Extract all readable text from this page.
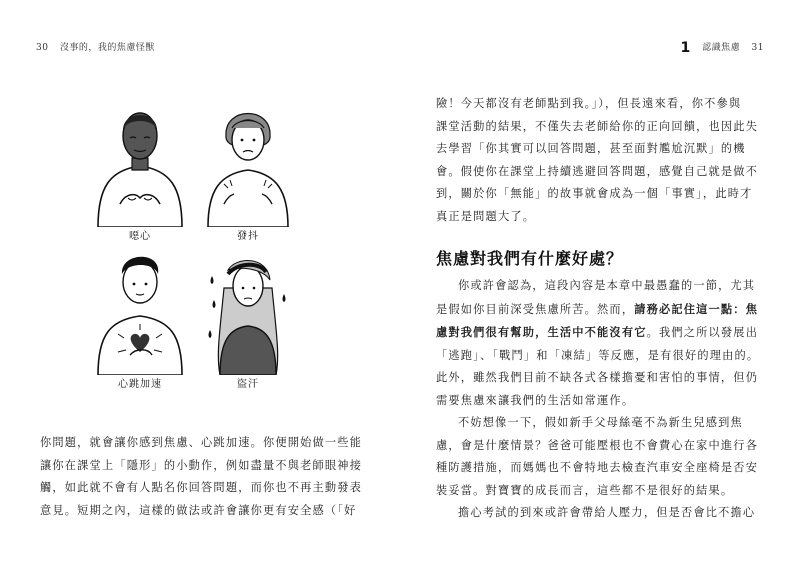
30 沒事的，我的焦慮怪獸
噁心	發抖
心跳加速	盜汗
你問題，就會讓你感到焦慮、心跳加速。你便開始做一些能
讓你在課堂上「隱形」的小動作，例如盡量不與老師眼神接
觸，如此就不會有人點名你回答問題，而你也不再主動發表
意見。短期之內，這樣的做法或許會讓你更有安全感（「好
1 認識焦慮 31
險！今天都沒有老師點到我。」），但長遠來看，你不參與
課堂活動的結果，不僅失去老師給你的正向回饋，也因此失
去學習「你其實可以回答問題，甚至面對尷尬沉默」的機
會。假使你在課堂上持續逃避回答問題，感覺自己就是做不
到，關於你「無能」的故事就會成為一個「事實」，此時才
真正是問題大了。
焦慮對我們有什麼好處？
你或許會認為，這段內容是本章中最愚蠢的一節，尤其
是假如你目前深受焦慮所苦。然而，請務必記住這一點：焦
慮對我們很有幫助，生活中不能沒有它。我們之所以發展出
「逃跑」、「戰鬥」和「凍結」等反應，是有很好的理由的。
此外，雖然我們目前不缺各式各樣擔憂和害怕的事情，但仍
需要焦慮來讓我們的生活如常運作。
不妨想像一下，假如新手父母絲毫不為新生兒感到焦
慮，會是什麼情景？爸爸可能壓根也不會費心在家中進行各
種防護措施，而媽媽也不會特地去檢查汽車安全座椅是否安
裝妥當。對寶寶的成長而言，這些都不是很好的結果。
擔心考試的到來或許會帶給人壓力，但是否會比不擔心
